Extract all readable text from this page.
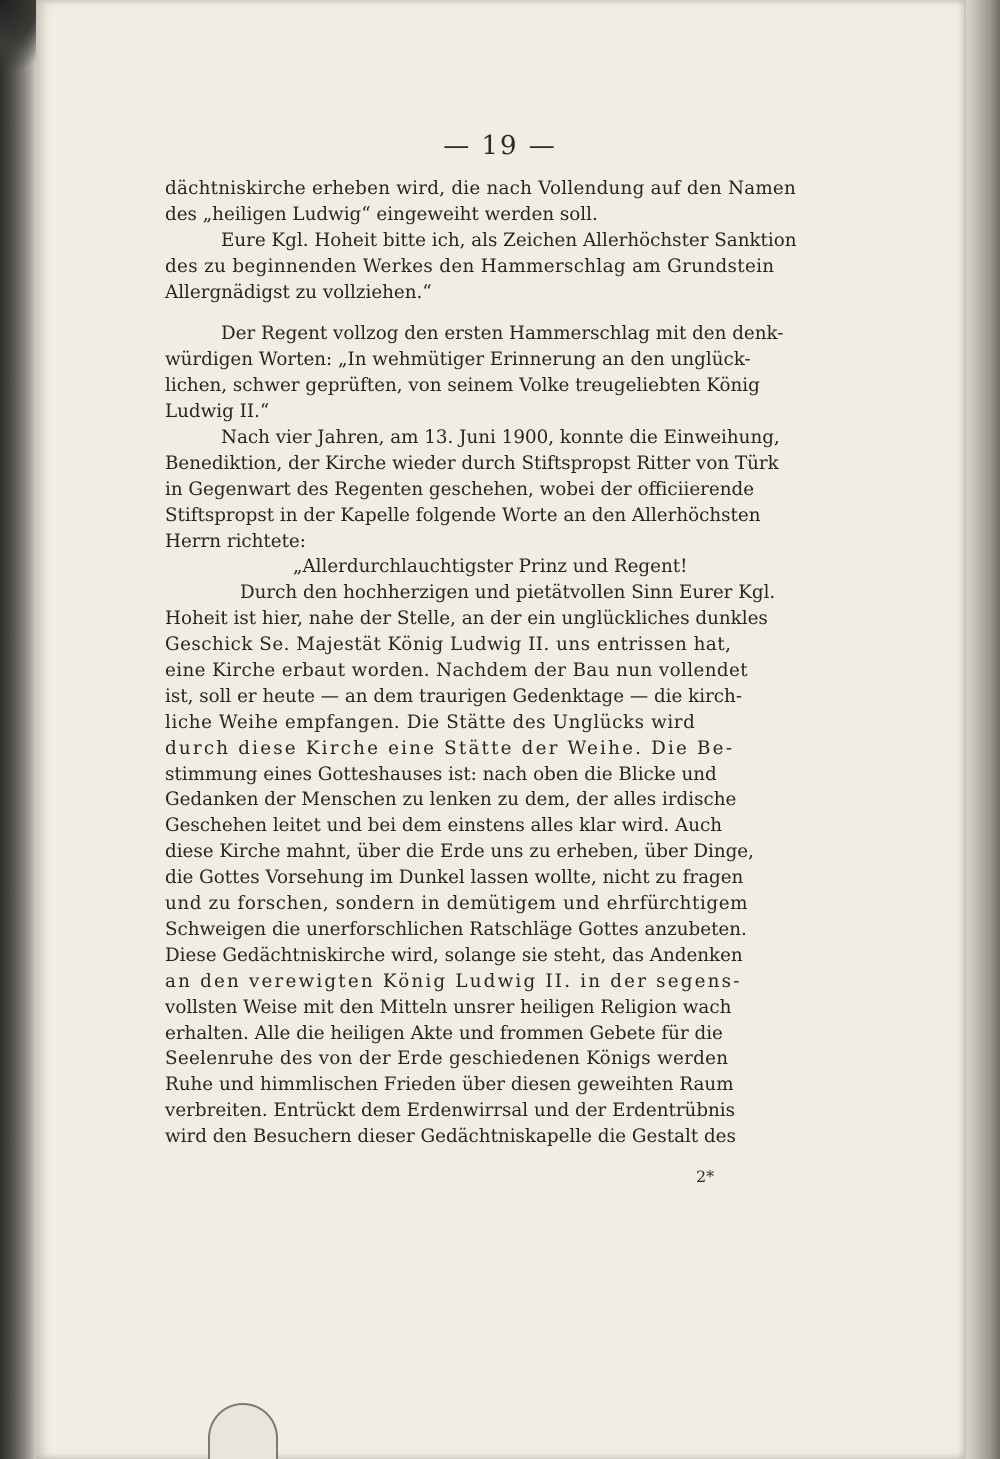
— 19 —
dächtniskirche erheben wird, die nach Vollendung auf den Namen
des „heiligen Ludwig“ eingeweiht werden soll.
Eure Kgl. Hoheit bitte ich, als Zeichen Allerhöchster Sanktion
des zu beginnenden Werkes den Hammerschlag am Grundstein
Allergnädigst zu vollziehen.“
Der Regent vollzog den ersten Hammerschlag mit den denk-
würdigen Worten: „In wehmütiger Erinnerung an den unglück-
lichen, schwer geprüften, von seinem Volke treugeliebten König
Ludwig II.“
Nach vier Jahren, am 13. Juni 1900, konnte die Einweihung,
Benediktion, der Kirche wieder durch Stiftspropst Ritter von Türk
in Gegenwart des Regenten geschehen, wobei der officiierende
Stiftspropst in der Kapelle folgende Worte an den Allerhöchsten
Herrn richtete:
„Allerdurchlauchtigster Prinz und Regent!
Durch den hochherzigen und pietätvollen Sinn Eurer Kgl.
Hoheit ist hier, nahe der Stelle, an der ein unglückliches dunkles
Geschick Se. Majestät König Ludwig II. uns entrissen hat,
eine Kirche erbaut worden. Nachdem der Bau nun vollendet
ist, soll er heute — an dem traurigen Gedenktage — die kirch-
liche Weihe empfangen. Die Stätte des Unglücks wird
durch diese Kirche eine Stätte der Weihe. Die Be-
stimmung eines Gotteshauses ist: nach oben die Blicke und
Gedanken der Menschen zu lenken zu dem, der alles irdische
Geschehen leitet und bei dem einstens alles klar wird. Auch
diese Kirche mahnt, über die Erde uns zu erheben, über Dinge,
die Gottes Vorsehung im Dunkel lassen wollte, nicht zu fragen
und zu forschen, sondern in demütigem und ehrfürchtigem
Schweigen die unerforschlichen Ratschläge Gottes anzubeten.
Diese Gedächtniskirche wird, solange sie steht, das Andenken
an den verewigten König Ludwig II. in der segens-
vollsten Weise mit den Mitteln unsrer heiligen Religion wach
erhalten. Alle die heiligen Akte und frommen Gebete für die
Seelenruhe des von der Erde geschiedenen Königs werden
Ruhe und himmlischen Frieden über diesen geweihten Raum
verbreiten. Entrückt dem Erdenwirrsal und der Erdentrübnis
wird den Besuchern dieser Gedächtniskapelle die Gestalt des
2*
